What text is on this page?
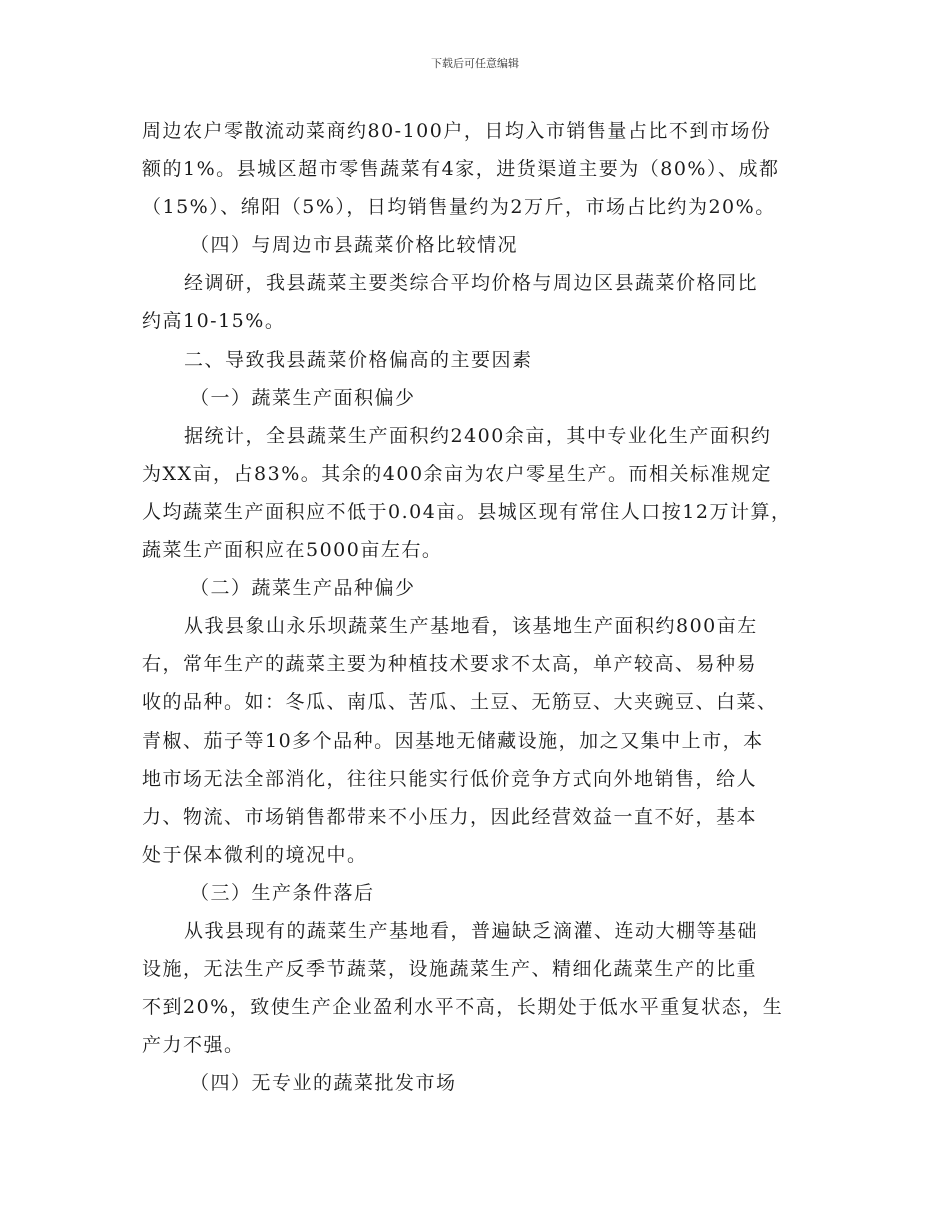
下载后可任意编辑
周边农户零散流动菜商约80-100户，日均入市销售量占比不到市场份
额的1%。县城区超市零售蔬菜有4家，进货渠道主要为（80%）、成都
（15%）、绵阳（5%），日均销售量约为2万斤，市场占比约为20%。
（四）与周边市县蔬菜价格比较情况
经调研，我县蔬菜主要类综合平均价格与周边区县蔬菜价格同比
约高10-15%。
二、导致我县蔬菜价格偏高的主要因素
（一）蔬菜生产面积偏少
据统计，全县蔬菜生产面积约2400余亩，其中专业化生产面积约
为XX亩，占83%。其余的400余亩为农户零星生产。而相关标准规定
人均蔬菜生产面积应不低于0.04亩。县城区现有常住人口按12万计算，
蔬菜生产面积应在5000亩左右。
（二）蔬菜生产品种偏少
从我县象山永乐坝蔬菜生产基地看，该基地生产面积约800亩左
右，常年生产的蔬菜主要为种植技术要求不太高，单产较高、易种易
收的品种。如：冬瓜、南瓜、苦瓜、土豆、无筋豆、大夹豌豆、白菜、
青椒、茄子等10多个品种。因基地无储藏设施，加之又集中上市，本
地市场无法全部消化，往往只能实行低价竞争方式向外地销售，给人
力、物流、市场销售都带来不小压力，因此经营效益一直不好，基本
处于保本微利的境况中。
（三）生产条件落后
从我县现有的蔬菜生产基地看，普遍缺乏滴灌、连动大棚等基础
设施，无法生产反季节蔬菜，设施蔬菜生产、精细化蔬菜生产的比重
不到20%，致使生产企业盈利水平不高，长期处于低水平重复状态，生
产力不强。
（四）无专业的蔬菜批发市场
